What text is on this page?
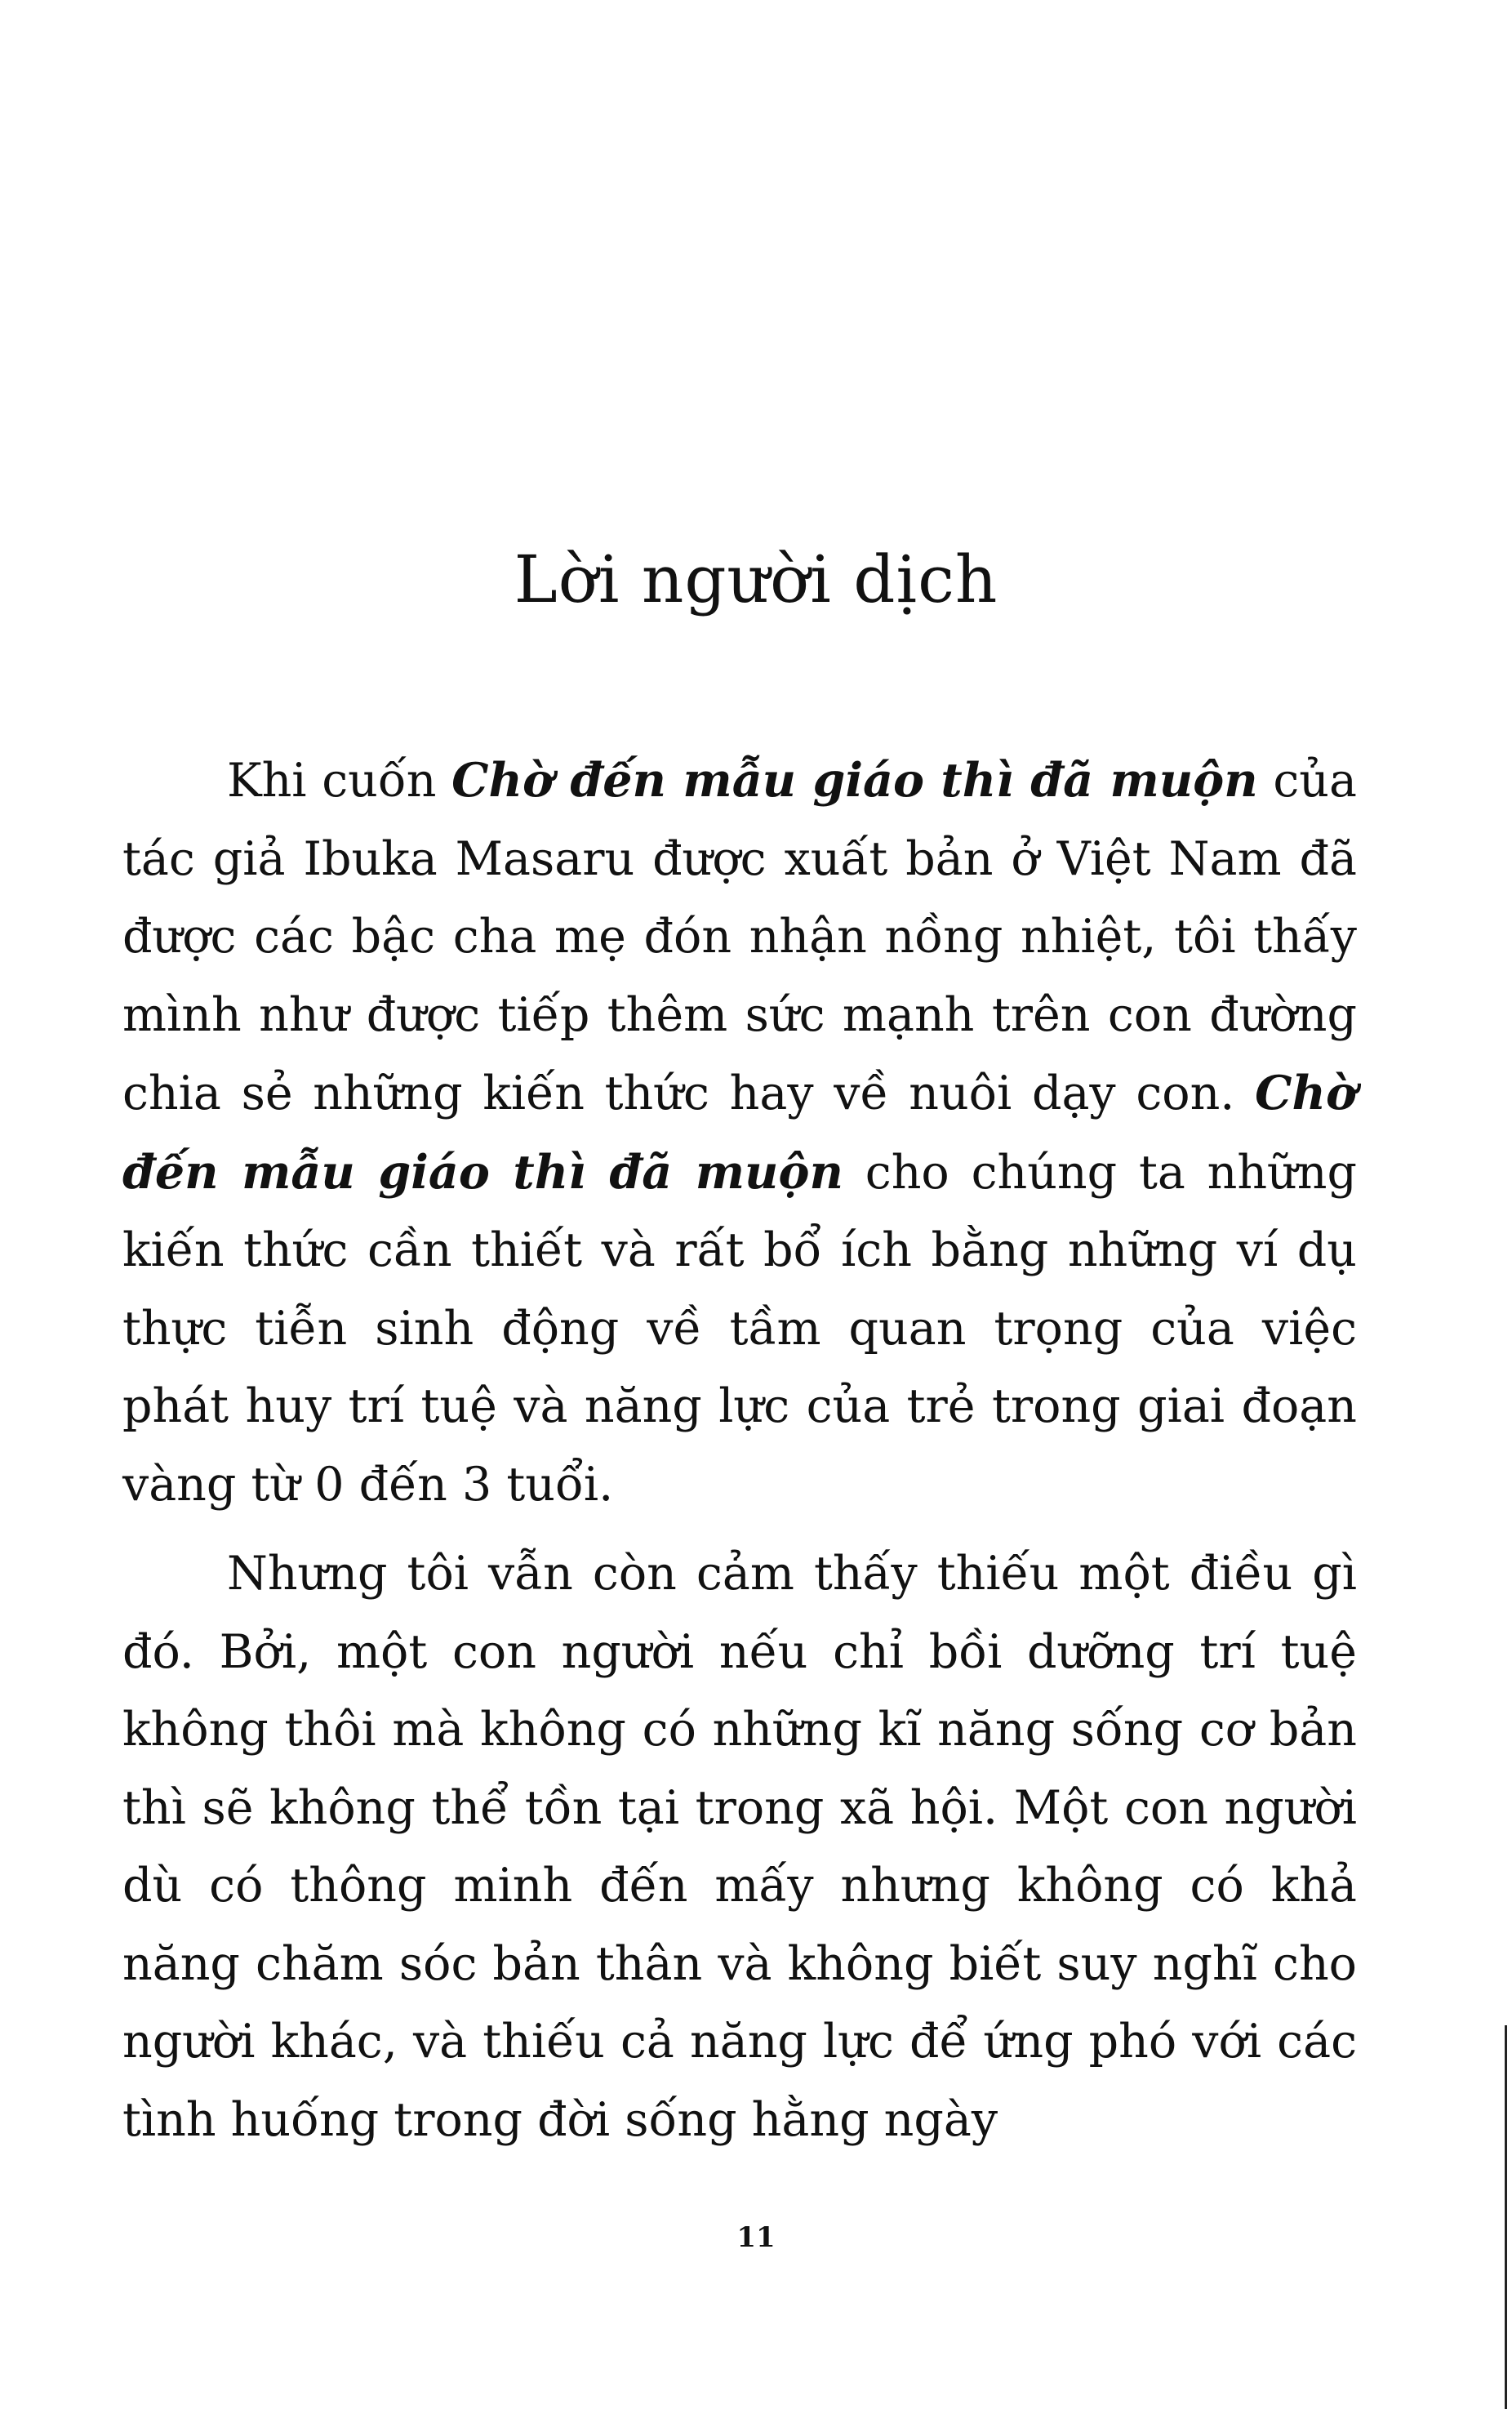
Lời người dịch

Khi cuốn Chờ đến mẫu giáo thì đã muộn của tác giả Ibuka Masaru được xuất bản ở Việt Nam đã được các bậc cha mẹ đón nhận nồng nhiệt, tôi thấy mình như được tiếp thêm sức mạnh trên con đường chia sẻ những kiến thức hay về nuôi dạy con. Chờ đến mẫu giáo thì đã muộn cho chúng ta những kiến thức cần thiết và rất bổ ích bằng những ví dụ thực tiễn sinh động về tầm quan trọng của việc phát huy trí tuệ và năng lực của trẻ trong giai đoạn vàng từ 0 đến 3 tuổi.

Nhưng tôi vẫn còn cảm thấy thiếu một điều gì đó. Bởi, một con người nếu chỉ bồi dưỡng trí tuệ không thôi mà không có những kĩ năng sống cơ bản thì sẽ không thể tồn tại trong xã hội. Một con người dù có thông minh đến mấy nhưng không có khả năng chăm sóc bản thân và không biết suy nghĩ cho người khác, và thiếu cả năng lực để ứng phó với các tình huống trong đời sống hằng ngày

11
